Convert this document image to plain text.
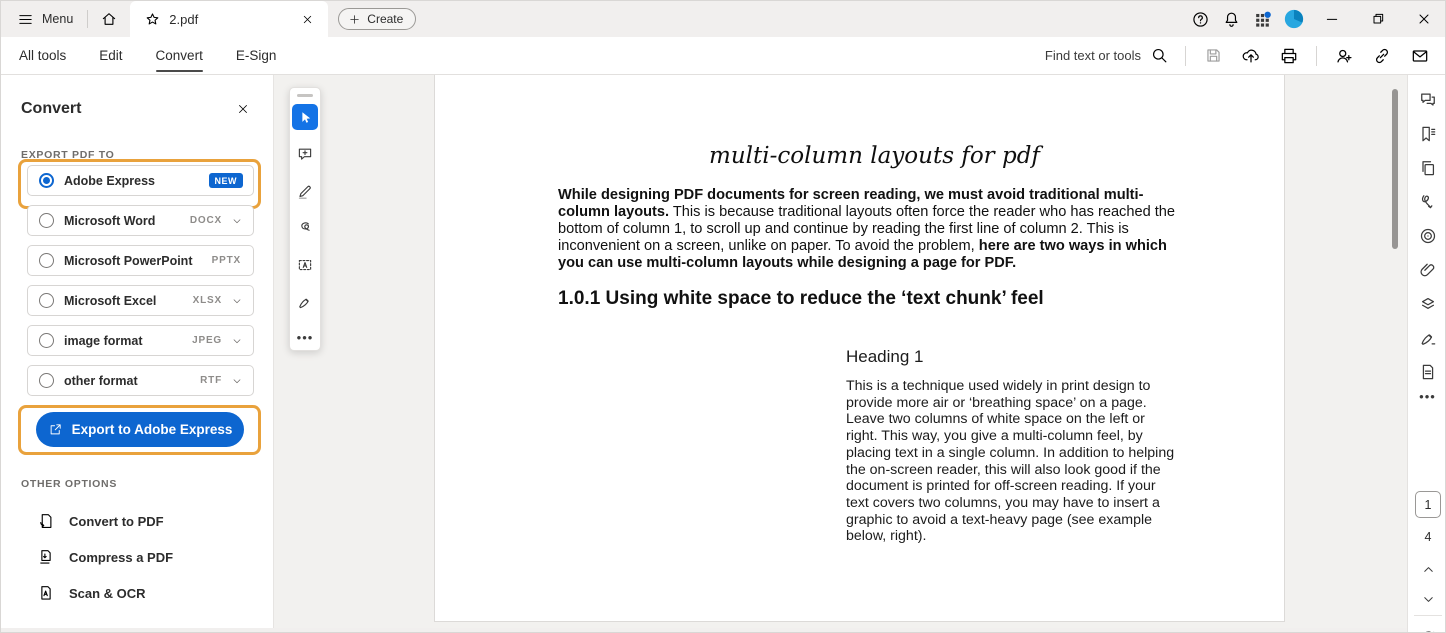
Menu	2.pdf	Create
All tools Edit Convert E-Sign	Find text or tools
Convert
EXPORT PDF TO
Adobe Express	NEW
Microsoft Word	DOCX
Microsoft PowerPoint	PPTX
Microsoft Excel	XLSX
image format	JPEG
other format	RTF
Export to Adobe Express
OTHER OPTIONS
Convert to PDF
Compress a PDF
Scan & OCR
•••
multi-column layouts for pdf

While designing PDF documents for screen reading, we must avoid traditional multi-column layouts. This is because traditional layouts often force the reader who has reached the bottom of column 1, to scroll up and continue by reading the first line of column 2. This is inconvenient on a screen, unlike on paper. To avoid the problem, here are two ways in which you can use multi-column layouts while designing a page for PDF.

1.0.1 Using white space to reduce the ‘text chunk’ feel
Heading 1

This is a technique used widely in print design to provide more air or ‘breathing space’ on a page. Leave two columns of white space on the left or right. This way, you give a multi-column feel, by placing text in a single column. In addition to helping the on-screen reader, this will also look good if the document is printed for off-screen reading. If your text covers two columns, you may have to insert a graphic to avoid a text-heavy page (see example below, right).

•••
1
4
